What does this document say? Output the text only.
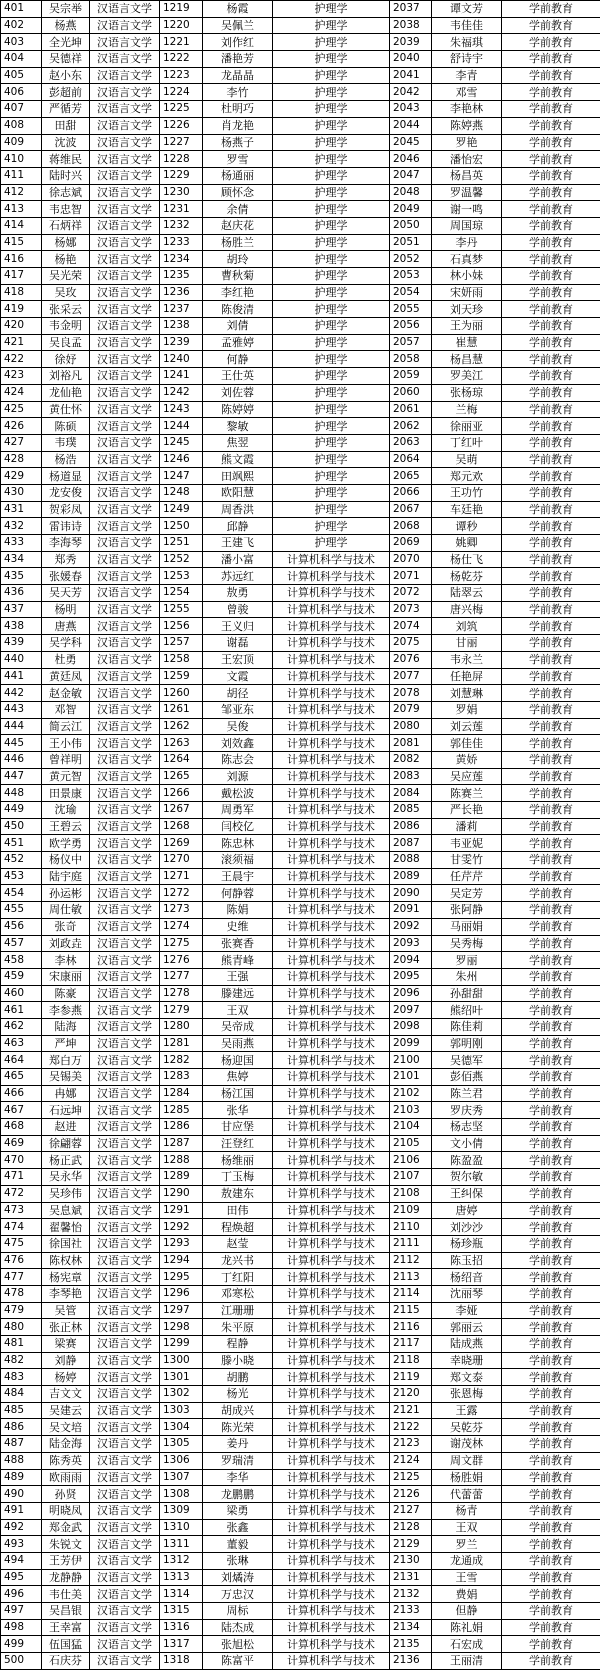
401	吴宗举	汉语言文学	1219	杨霞	护理学	2037	谭文芳	学前教育
402	杨燕	汉语言文学	1220	吴佩兰	护理学	2038	韦佳佳	学前教育
403	全光坤	汉语言文学	1221	刘作红	护理学	2039	朱福琪	学前教育
404	吴德祥	汉语言文学	1222	潘艳芳	护理学	2040	舒诗宇	学前教育
405	赵小东	汉语言文学	1223	龙晶晶	护理学	2041	李青	学前教育
406	彭超前	汉语言文学	1224	李竹	护理学	2042	邓雪	学前教育
407	严循芳	汉语言文学	1225	杜明巧	护理学	2043	李艳林	学前教育
408	田甜	汉语言文学	1226	肖龙艳	护理学	2044	陈婷燕	学前教育
409	沈波	汉语言文学	1227	杨燕子	护理学	2045	罗艳	学前教育
410	蒋维民	汉语言文学	1228	罗雪	护理学	2046	潘怡宏	学前教育
411	陆时兴	汉语言文学	1229	杨通丽	护理学	2047	杨昌英	学前教育
412	徐志斌	汉语言文学	1230	顾怀念	护理学	2048	罗温馨	学前教育
413	韦忠智	汉语言文学	1231	余倩	护理学	2049	谢一鸣	学前教育
414	石炳祥	汉语言文学	1232	赵庆花	护理学	2050	周国琼	学前教育
415	杨娜	汉语言文学	1233	杨胜兰	护理学	2051	李丹	学前教育
416	杨艳	汉语言文学	1234	胡玲	护理学	2052	石真梦	学前教育
417	吴光荣	汉语言文学	1235	曹秋菊	护理学	2053	林小妹	学前教育
418	吴玫	汉语言文学	1236	李红艳	护理学	2054	宋妍雨	学前教育
419	张采云	汉语言文学	1237	陈俊清	护理学	2055	刘天珍	学前教育
420	韦金明	汉语言文学	1238	刘倩	护理学	2056	王为丽	学前教育
421	吴良孟	汉语言文学	1239	孟雅婷	护理学	2057	崔慧	学前教育
422	徐妤	汉语言文学	1240	何静	护理学	2058	杨昌慧	学前教育
423	刘裕凡	汉语言文学	1241	王仕英	护理学	2059	罗美江	学前教育
424	龙仙艳	汉语言文学	1242	刘佐蓉	护理学	2060	张杨琼	学前教育
425	黄仕怀	汉语言文学	1243	陈婷婷	护理学	2061	兰梅	学前教育
426	陈硕	汉语言文学	1244	黎敏	护理学	2062	徐丽亚	学前教育
427	韦璞	汉语言文学	1245	焦翌	护理学	2063	丁红叶	学前教育
428	杨浩	汉语言文学	1246	熊文霞	护理学	2064	吴萌	学前教育
429	杨道显	汉语言文学	1247	田飒熙	护理学	2065	郑元欢	学前教育
430	龙安俊	汉语言文学	1248	欧阳慧	护理学	2066	王功竹	学前教育
431	贺彩凤	汉语言文学	1249	周香洪	护理学	2067	车廷艳	学前教育
432	雷讳诗	汉语言文学	1250	邱静	护理学	2068	谭秒	学前教育
433	李海琴	汉语言文学	1251	王建飞	护理学	2069	姚卿	学前教育
434	郑秀	汉语言文学	1252	潘小富	计算机科学与技术	2070	杨仕飞	学前教育
435	张媛春	汉语言文学	1253	苏远红	计算机科学与技术	2071	杨乾芬	学前教育
436	吴天芳	汉语言文学	1254	敖勇	计算机科学与技术	2072	陆翠云	学前教育
437	杨明	汉语言文学	1255	曾骏	计算机科学与技术	2073	唐兴梅	学前教育
438	唐燕	汉语言文学	1256	王义归	计算机科学与技术	2074	刘筑	学前教育
439	吴学科	汉语言文学	1257	谢磊	计算机科学与技术	2075	甘丽	学前教育
440	杜勇	汉语言文学	1258	王宏顶	计算机科学与技术	2076	韦永兰	学前教育
441	黄廷凤	汉语言文学	1259	文霞	计算机科学与技术	2077	任艳屏	学前教育
442	赵金敏	汉语言文学	1260	胡径	计算机科学与技术	2078	刘慧琳	学前教育
443	邓智	汉语言文学	1261	邹亚东	计算机科学与技术	2079	罗娟	学前教育
444	简云江	汉语言文学	1262	吴俊	计算机科学与技术	2080	刘云莲	学前教育
445	王小伟	汉语言文学	1263	刘效鑫	计算机科学与技术	2081	郭佳佳	学前教育
446	曾祥明	汉语言文学	1264	陈志会	计算机科学与技术	2082	黄娇	学前教育
447	黄元智	汉语言文学	1265	刘源	计算机科学与技术	2083	吴应莲	学前教育
448	田景康	汉语言文学	1266	戴松波	计算机科学与技术	2084	陈赛兰	学前教育
449	沈瑜	汉语言文学	1267	周勇军	计算机科学与技术	2085	严长艳	学前教育
450	王碧云	汉语言文学	1268	闫校亿	计算机科学与技术	2086	潘莉	学前教育
451	欧学勇	汉语言文学	1269	陈忠林	计算机科学与技术	2087	韦亚妮	学前教育
452	杨仪中	汉语言文学	1270	滚须福	计算机科学与技术	2088	甘雯竹	学前教育
453	陆宇庭	汉语言文学	1271	王晨宇	计算机科学与技术	2089	任芹芹	学前教育
454	孙运彬	汉语言文学	1272	何静蓉	计算机科学与技术	2090	吴定芳	学前教育
455	周仕敏	汉语言文学	1273	陈娟	计算机科学与技术	2091	张阿静	学前教育
456	张奇	汉语言文学	1274	史维	计算机科学与技术	2092	马丽娟	学前教育
457	刘政垚	汉语言文学	1275	张赛香	计算机科学与技术	2093	吴秀梅	学前教育
458	李林	汉语言文学	1276	熊青峰	计算机科学与技术	2094	罗丽	学前教育
459	宋康丽	汉语言文学	1277	王强	计算机科学与技术	2095	朱州	学前教育
460	陈豪	汉语言文学	1278	滕建远	计算机科学与技术	2096	孙甜甜	学前教育
461	李参燕	汉语言文学	1279	王双	计算机科学与技术	2097	熊绍叶	学前教育
462	陆海	汉语言文学	1280	吴帝成	计算机科学与技术	2098	陈佳莉	学前教育
463	严坤	汉语言文学	1281	吴雨燕	计算机科学与技术	2099	郭明刚	学前教育
464	郑白万	汉语言文学	1282	杨迎国	计算机科学与技术	2100	吴德军	学前教育
465	吴锡美	汉语言文学	1283	焦婷	计算机科学与技术	2101	彭佰燕	学前教育
466	冉娜	汉语言文学	1284	杨江国	计算机科学与技术	2102	陈兰君	学前教育
467	石远坤	汉语言文学	1285	张华	计算机科学与技术	2103	罗庆秀	学前教育
468	赵进	汉语言文学	1286	甘应堡	计算机科学与技术	2104	杨志坚	学前教育
469	徐翩蓉	汉语言文学	1287	汪登红	计算机科学与技术	2105	文小倩	学前教育
470	杨正武	汉语言文学	1288	杨维丽	计算机科学与技术	2106	陈盈盈	学前教育
471	吴永华	汉语言文学	1289	丁玉梅	计算机科学与技术	2107	贺尔敏	学前教育
472	吴珍伟	汉语言文学	1290	敖建东	计算机科学与技术	2108	王纠保	学前教育
473	吴息斌	汉语言文学	1291	田伟	计算机科学与技术	2109	唐婷	学前教育
474	翟馨怡	汉语言文学	1292	程焕超	计算机科学与技术	2110	刘沙沙	学前教育
475	徐国社	汉语言文学	1293	赵莹	计算机科学与技术	2111	杨珍瓶	学前教育
476	陈权林	汉语言文学	1294	龙兴书	计算机科学与技术	2112	陈玉招	学前教育
477	杨宪章	汉语言文学	1295	丁红阳	计算机科学与技术	2113	杨绍音	学前教育
478	李琴艳	汉语言文学	1296	邓寒松	计算机科学与技术	2114	沈丽琴	学前教育
479	吴管	汉语言文学	1297	江珊珊	计算机科学与技术	2115	李娅	学前教育
480	张正林	汉语言文学	1298	朱平原	计算机科学与技术	2116	郭丽云	学前教育
481	梁赛	汉语言文学	1299	程静	计算机科学与技术	2117	陆成燕	学前教育
482	刘静	汉语言文学	1300	滕小晓	计算机科学与技术	2118	幸晓珊	学前教育
483	杨婷	汉语言文学	1301	胡鹏	计算机科学与技术	2119	郑文泰	学前教育
484	吉文文	汉语言文学	1302	杨光	计算机科学与技术	2120	张恩梅	学前教育
485	吴建云	汉语言文学	1303	胡成兴	计算机科学与技术	2121	王露	学前教育
486	吴文培	汉语言文学	1304	陈光荣	计算机科学与技术	2122	吴乾芬	学前教育
487	陆金海	汉语言文学	1305	姜丹	计算机科学与技术	2123	谢茂林	学前教育
488	陈秀英	汉语言文学	1306	罗瑞清	计算机科学与技术	2124	周文群	学前教育
489	欧雨雨	汉语言文学	1307	李华	计算机科学与技术	2125	杨胜娟	学前教育
490	孙贤	汉语言文学	1308	龙鹏鹏	计算机科学与技术	2126	代蕾蕾	学前教育
491	明晓凤	汉语言文学	1309	梁勇	计算机科学与技术	2127	杨青	学前教育
492	郑金武	汉语言文学	1310	张鑫	计算机科学与技术	2128	王双	学前教育
493	朱锐文	汉语言文学	1311	董毅	计算机科学与技术	2129	罗兰	学前教育
494	王芳伊	汉语言文学	1312	张琳	计算机科学与技术	2130	龙通成	学前教育
495	龙静静	汉语言文学	1313	刘燏涛	计算机科学与技术	2131	王雪	学前教育
496	韦仕美	汉语言文学	1314	万忠汉	计算机科学与技术	2132	费娟	学前教育
497	吴昌银	汉语言文学	1315	周标	计算机科学与技术	2133	但静	学前教育
498	王幸富	汉语言文学	1316	陆杰成	计算机科学与技术	2134	陈礼娟	学前教育
499	伍国猛	汉语言文学	1317	张旭松	计算机科学与技术	2135	石宏成	学前教育
500	石庆芬	汉语言文学	1318	陈富平	计算机科学与技术	2136	王丽清	学前教育
